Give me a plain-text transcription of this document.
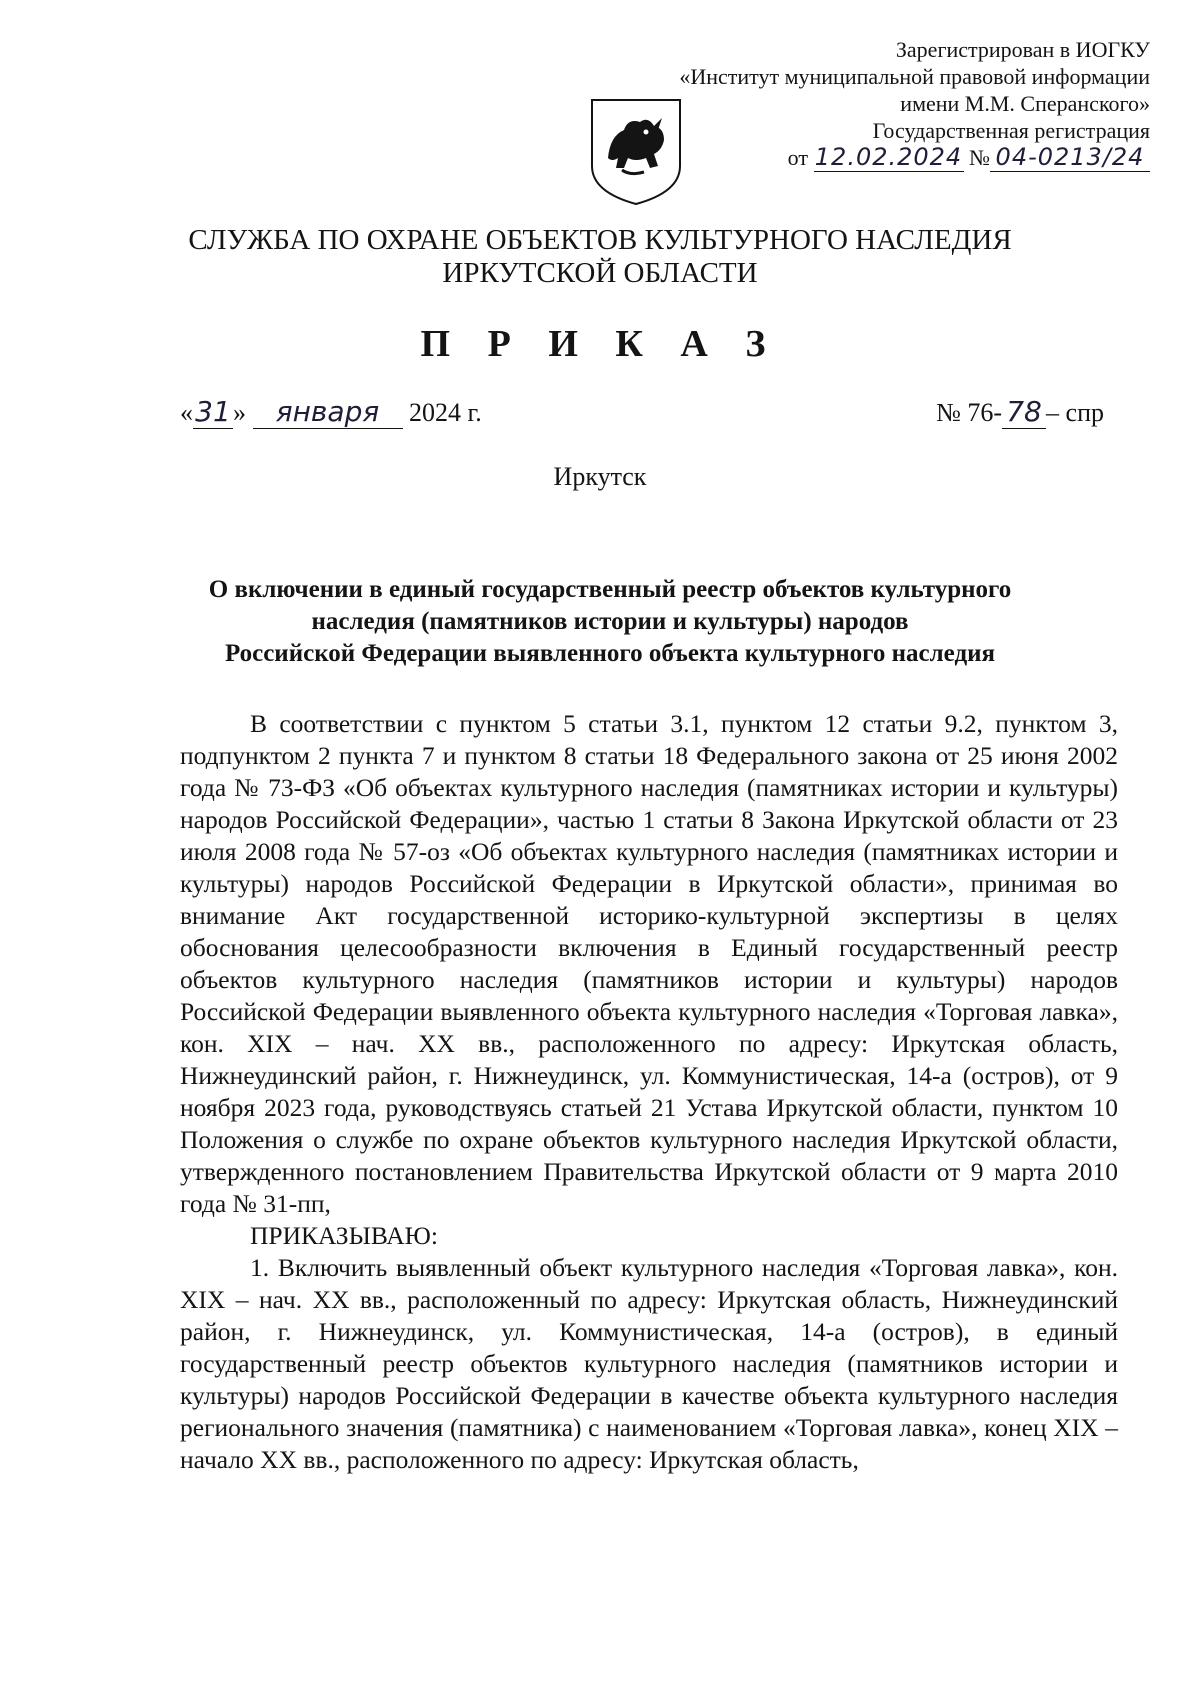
Зарегистрирован в ИОГКУ
«Институт муниципальной правовой информации
имени М.М. Сперанского»
Государственная регистрация
от 12.02.2024 № 04-0213/24
СЛУЖБА ПО ОХРАНЕ ОБЪЕКТОВ КУЛЬТУРНОГО НАСЛЕДИЯ
ИРКУТСКОЙ ОБЛАСТИ
П Р И К А З
«31» января 2024 г.	№ 76- 78 – спр
Иркутск
О включении в единый государственный реестр объектов культурного
наследия (памятников истории и культуры) народов
Российской Федерации выявленного объекта культурного наследия

В соответствии с пунктом 5 статьи 3.1, пунктом 12 статьи 9.2, пунктом 3, подпунктом 2 пункта 7 и пунктом 8 статьи 18 Федерального закона от 25 июня 2002 года № 73-ФЗ «Об объектах культурного наследия (памятниках истории и культуры) народов Российской Федерации», частью 1 статьи 8 Закона Иркутской области от 23 июля 2008 года № 57-оз «Об объектах культурного наследия (памятниках истории и культуры) народов Российской Федерации в Иркутской области», принимая во внимание Акт государственной историко-культурной экспертизы в целях обоснования целесообразности включения в Единый государственный реестр объектов культурного наследия (памятников истории и культуры) народов Российской Федерации выявленного объекта культурного наследия «Торговая лавка», кон. XIX – нач. XX вв., расположенного по адресу: Иркутская область, Нижнеудинский район, г. Нижнеудинск, ул. Коммунистическая, 14-а (остров), от 9 ноября 2023 года, руководствуясь статьей 21 Устава Иркутской области, пунктом 10 Положения о службе по охране объектов культурного наследия Иркутской области, утвержденного постановлением Правительства Иркутской области от 9 марта 2010 года № 31-пп,

ПРИКАЗЫВАЮ:

1. Включить выявленный объект культурного наследия «Торговая лавка», кон. XIX – нач. XX вв., расположенный по адресу: Иркутская область, Нижнеудинский район, г. Нижнеудинск, ул. Коммунистическая, 14-а (остров), в единый государственный реестр объектов культурного наследия (памятников истории и культуры) народов Российской Федерации в качестве объекта культурного наследия регионального значения (памятника) с наименованием «Торговая лавка», конец XIX – начало XX вв., расположенного по адресу: Иркутская область,
